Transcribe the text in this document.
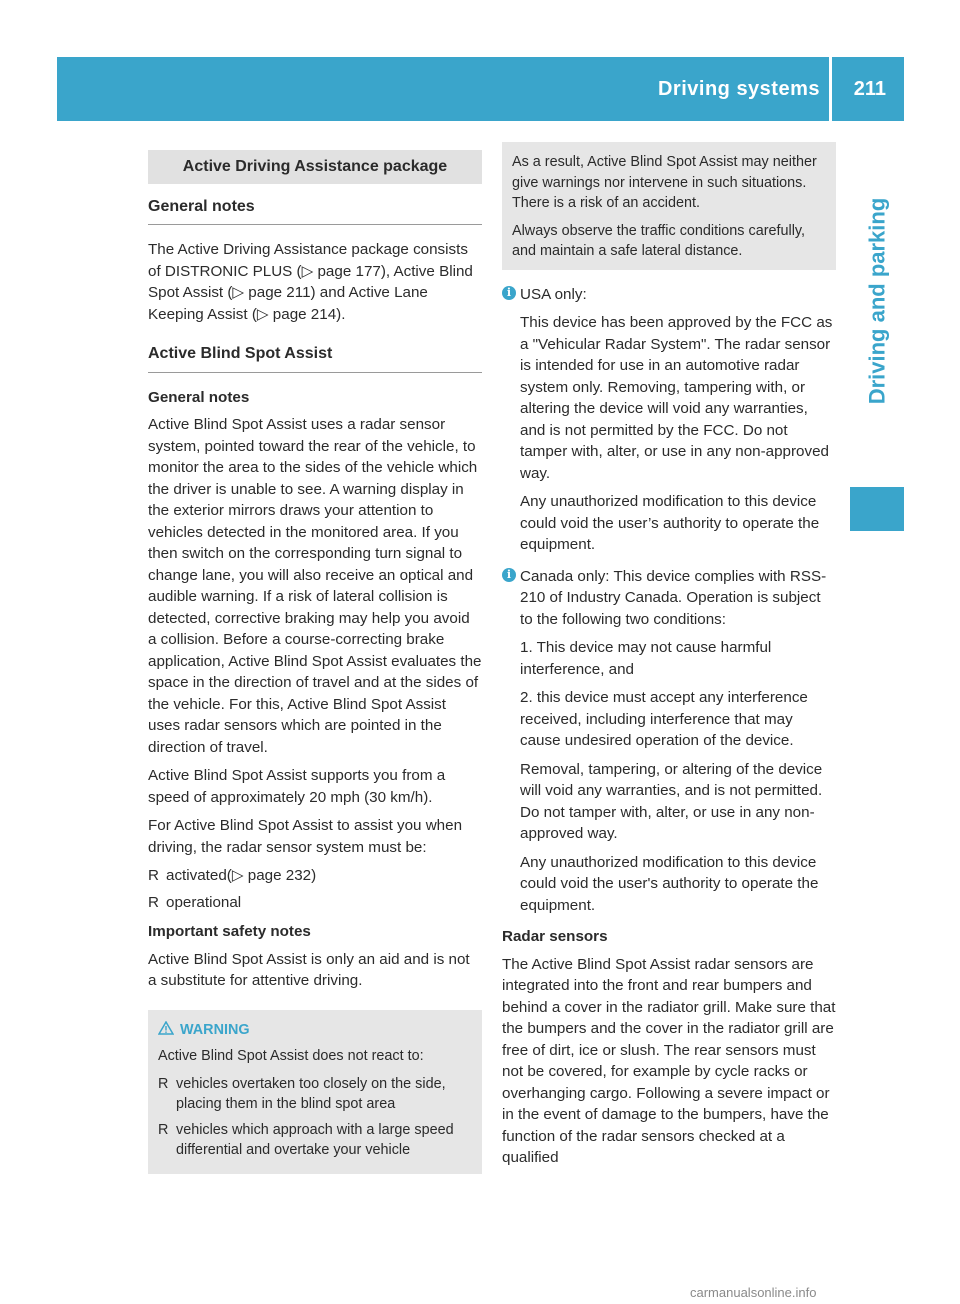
Driving systems 211
Driving and parking
Active Driving Assistance package
General notes

The Active Driving Assistance package consists of DISTRONIC PLUS (▷ page 177), Active Blind Spot Assist (▷ page 211) and Active Lane Keeping Assist (▷ page 214).

Active Blind Spot Assist
General notes

Active Blind Spot Assist uses a radar sensor system, pointed toward the rear of the vehicle, to monitor the area to the sides of the vehicle which the driver is unable to see. A warning display in the exterior mirrors draws your attention to vehicles detected in the monitored area. If you then switch on the corresponding turn signal to change lane, you will also receive an optical and audible warning. If a risk of lateral collision is detected, corrective braking may help you avoid a collision. Before a course-correcting brake application, Active Blind Spot Assist evaluates the space in the direction of travel and at the sides of the vehicle. For this, Active Blind Spot Assist uses radar sensors which are pointed in the direction of travel.

Active Blind Spot Assist supports you from a speed of approximately 20 mph (30 km/h).

For Active Blind Spot Assist to assist you when driving, the radar sensor system must be:

R activated(▷ page 232)
R operational
Important safety notes

Active Blind Spot Assist is only an aid and is not a substitute for attentive driving.

WARNING

Active Blind Spot Assist does not react to:

R vehicles overtaken too closely on the side, placing them in the blind spot area
R vehicles which approach with a large speed differential and overtake your vehicle

As a result, Active Blind Spot Assist may neither give warnings nor intervene in such situations. There is a risk of an accident.

Always observe the traffic conditions carefully, and maintain a safe lateral distance.

i USA only:

This device has been approved by the FCC as a "Vehicular Radar System". The radar sensor is intended for use in an automotive radar system only. Removing, tampering with, or altering the device will void any warranties, and is not permitted by the FCC. Do not tamper with, alter, or use in any non-approved way.

Any unauthorized modification to this device could void the user’s authority to operate the equipment.

i Canada only: This device complies with RSS-210 of Industry Canada. Operation is subject to the following two conditions:

1. This device may not cause harmful interference, and

2. this device must accept any interference received, including interference that may cause undesired operation of the device.

Removal, tampering, or altering of the device will void any warranties, and is not permitted. Do not tamper with, alter, or use in any non-approved way.

Any unauthorized modification to this device could void the user's authority to operate the equipment.

Radar sensors

The Active Blind Spot Assist radar sensors are integrated into the front and rear bumpers and behind a cover in the radiator grill. Make sure that the bumpers and the cover in the radiator grill are free of dirt, ice or slush. The rear sensors must not be covered, for example by cycle racks or overhanging cargo. Following a severe impact or in the event of damage to the bumpers, have the function of the radar sensors checked at a qualified

carmanualsonline.info
